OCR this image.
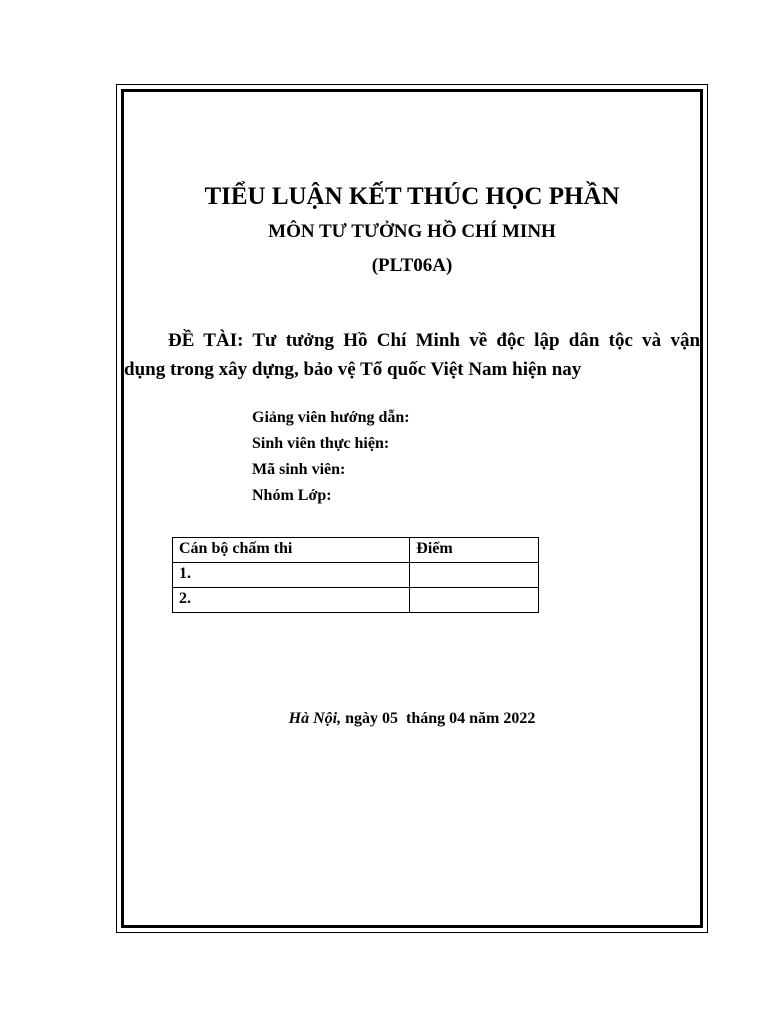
TIỂU LUẬN KẾT THÚC HỌC PHẦN
MÔN TƯ TƯỞNG HỒ CHÍ MINH
(PLT06A)
ĐỀ TÀI: Tư tưởng Hồ Chí Minh về độc lập dân tộc và vận
dụng trong xây dựng, bảo vệ Tổ quốc Việt Nam hiện nay
Giảng viên hướng dẫn:
Sinh viên thực hiện:
Mã sinh viên:
Nhóm Lớp:
Cán bộ chấm thi	Điểm
1.	
2.	
Hà Nội, ngày 05  tháng 04 năm 2022
